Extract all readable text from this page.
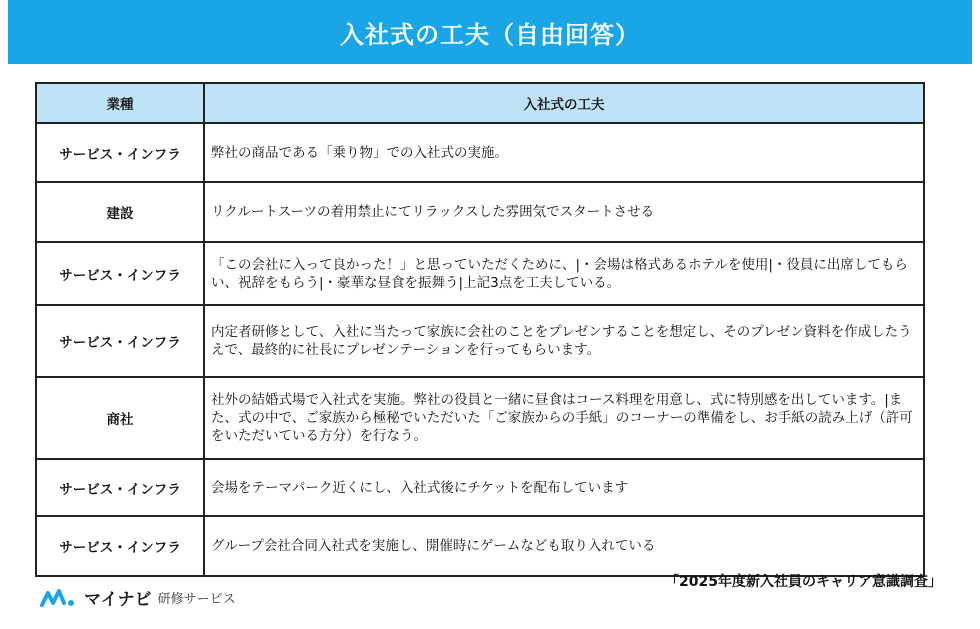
入社式の工夫（自由回答）
業種	入社式の工夫
サービス・インフラ	弊社の商品である「乗り物」での入社式の実施。
建設	リクルートスーツの着用禁止にてリラックスした雰囲気でスタートさせる
サービス・インフラ	「この会社に入って良かった！」と思っていただくために、|・会場は格式あるホテルを使用|・役員に出席してもらい、祝辞をもらう|・豪華な昼食を振舞う|上記3点を工夫している。
サービス・インフラ	内定者研修として、入社に当たって家族に会社のことをプレゼンすることを想定し、そのプレゼン資料を作成したうえで、最終的に社長にプレゼンテーションを行ってもらいます。
商社	社外の結婚式場で入社式を実施。弊社の役員と一緒に昼食はコース料理を用意し、式に特別感を出しています。|また、式の中で、ご家族から極秘でいただいた「ご家族からの手紙」のコーナーの準備をし、お手紙の読み上げ（許可をいただいている方分）を行なう。
サービス・インフラ	会場をテーマパーク近くにし、入社式後にチケットを配布しています
サービス・インフラ	グループ会社合同入社式を実施し、開催時にゲームなども取り入れている
マイナビ 研修サービス
「2025年度新入社員のキャリア意識調査」
